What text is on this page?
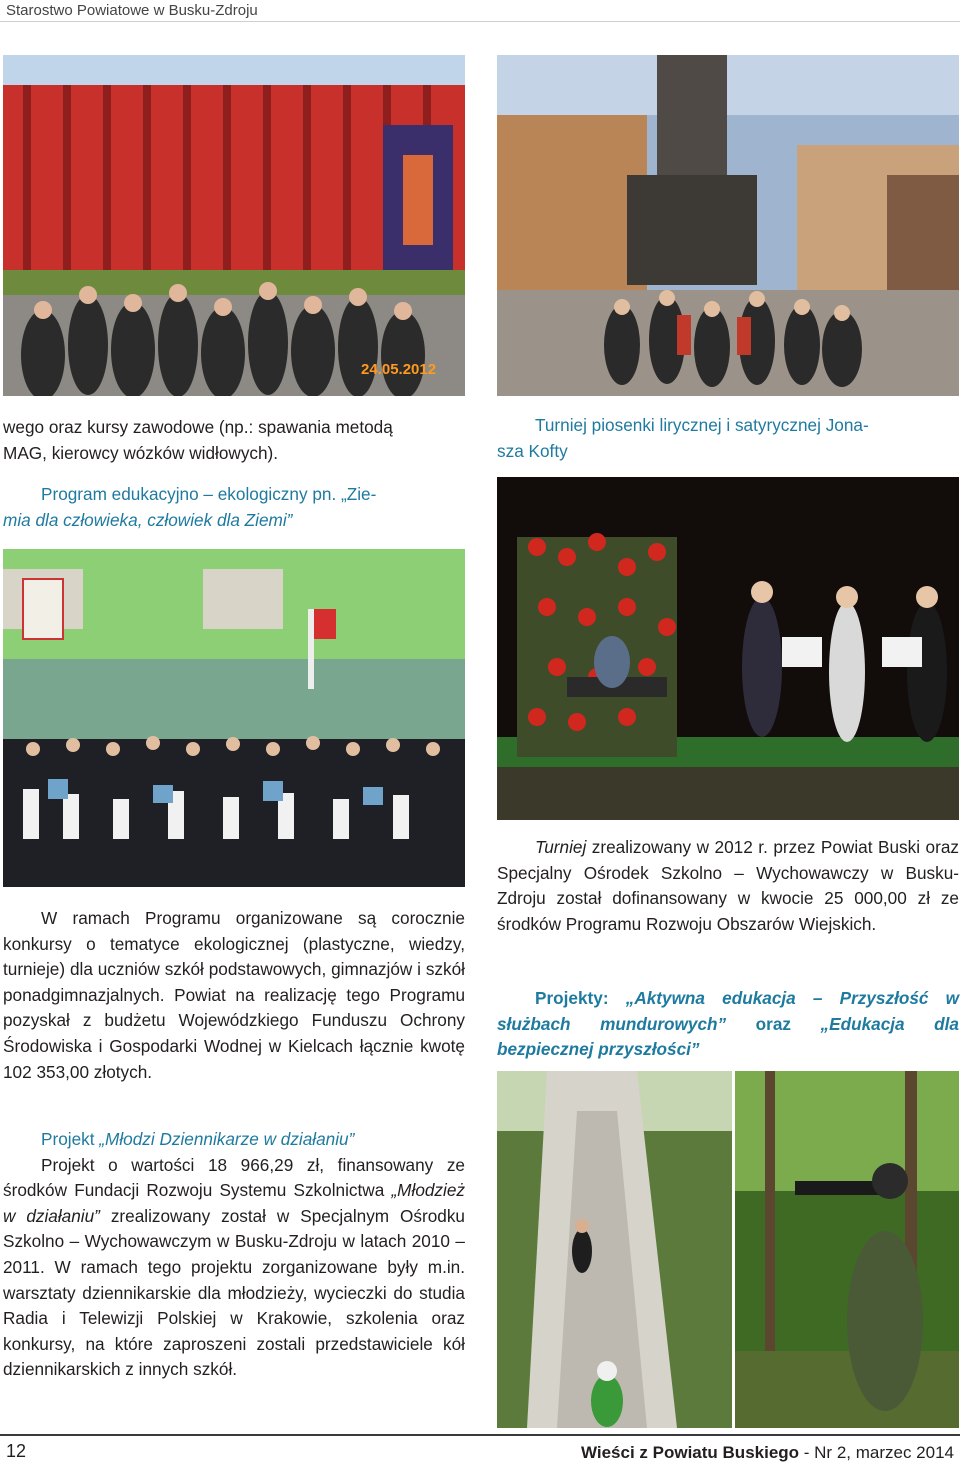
Starostwo Powiatowe w Busku-Zdroju
24.05.2012

wego oraz kursy zawodowe (np.: spawania metodą

MAG, kierowcy wózków widłowych).

Program edukacyjno – ekologiczny pn. „Zie-

mia dla człowieka, człowiek dla Ziemi”

W ramach Programu organizowane są corocznie konkursy o tematyce ekologicznej (plastyczne, wiedzy, turnieje) dla uczniów szkół podstawowych, gimnazjów i szkół ponadgimnazjalnych. Powiat na realizację tego Programu pozyskał z budżetu Wojewódzkiego Funduszu Ochrony Środowiska i Gospodarki Wodnej w Kielcach łącznie kwotę 102 353,00 złotych.

Projekt „Młodzi Dziennikarze w działaniu”

Projekt o wartości 18 966,29 zł, finansowany ze środków Fundacji Rozwoju Systemu Szkolnictwa „Młodzież w działaniu” zrealizowany został w Specjalnym Ośrodku Szkolno – Wychowawczym w Busku-Zdroju w latach 2010 – 2011. W ramach tego projektu zorganizowane były m.in. warsztaty dziennikarskie dla młodzieży, wycieczki do studia Radia i Telewizji Polskiej w Krakowie, szkolenia oraz konkursy, na które zaproszeni zostali przedstawiciele kół dziennikarskich z innych szkół.

Turniej piosenki lirycznej i satyrycznej Jona-

sza Kofty

Turniej zrealizowany w 2012 r. przez Powiat Buski oraz Specjalny Ośrodek Szkolno – Wychowawczy w Busku-Zdroju został dofinansowany w kwocie 25 000,00 zł ze środków Programu Rozwoju Obszarów Wiejskich.

Projekty: „Aktywna edukacja – Przyszłość w służbach mundurowych” oraz „Edukacja dla bezpiecznej przyszłości”

12	Wieści z Powiatu Buskiego - Nr 2, marzec 2014
